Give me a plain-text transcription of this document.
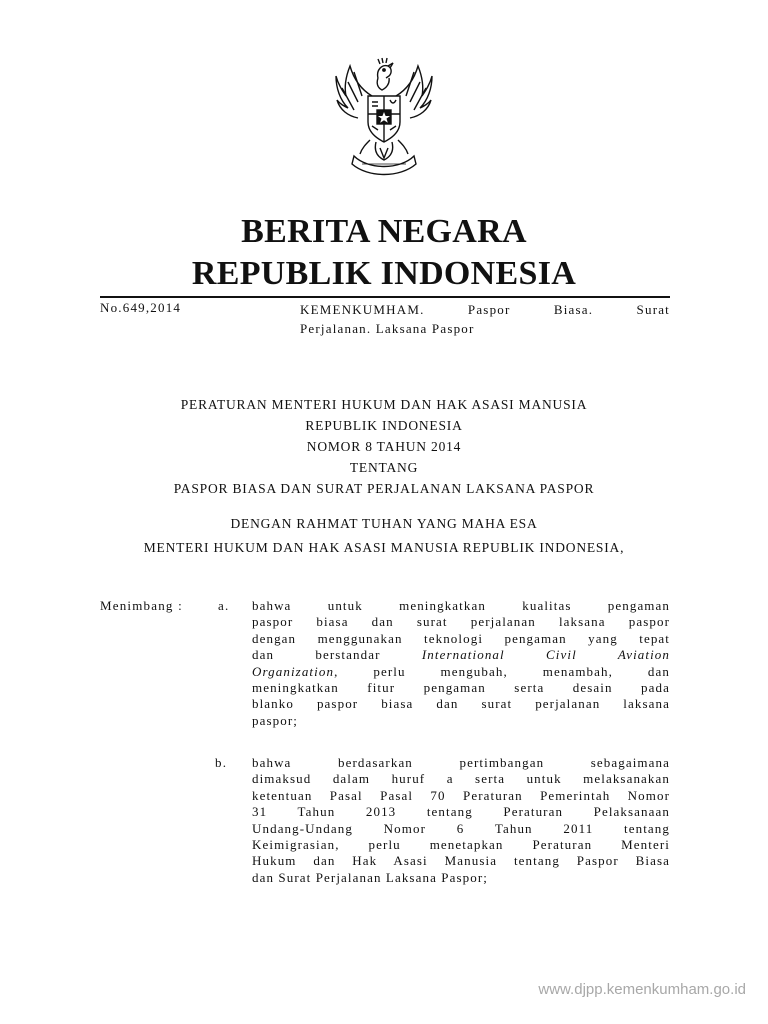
BERITA NEGARA
REPUBLIK INDONESIA
No.649,2014	KEMENKUMHAM. Paspor Biasa. Surat
Perjalanan. Laksana Paspor
PERATURAN MENTERI HUKUM DAN HAK ASASI MANUSIA
REPUBLIK INDONESIA
NOMOR 8 TAHUN 2014
TENTANG
PASPOR BIASA DAN SURAT PERJALANAN LAKSANA PASPOR
DENGAN RAHMAT TUHAN YANG MAHA ESA
MENTERI HUKUM DAN HAK ASASI MANUSIA REPUBLIK INDONESIA,
Menimbang :	a. bahwa untuk meningkatkan kualitas pengaman
paspor biasa dan surat perjalanan laksana paspor
dengan menggunakan teknologi pengaman yang tepat
dan berstandar	International Civil Aviation
Organization, perlu mengubah, menambah, dan
meningkatkan fitur pengaman serta desain pada
blanko paspor biasa dan surat perjalanan laksana
paspor;
b. bahwa berdasarkan pertimbangan sebagaimana
dimaksud dalam huruf a serta untuk melaksanakan
ketentuan Pasal Pasal 70 Peraturan Pemerintah Nomor
31 Tahun 2013 tentang Peraturan Pelaksanaan
Undang-Undang Nomor 6 Tahun 2011 tentang
Keimigrasian, perlu menetapkan Peraturan Menteri
Hukum dan Hak Asasi Manusia tentang Paspor Biasa
dan Surat Perjalanan Laksana Paspor;
www.djpp.kemenkumham.go.id
